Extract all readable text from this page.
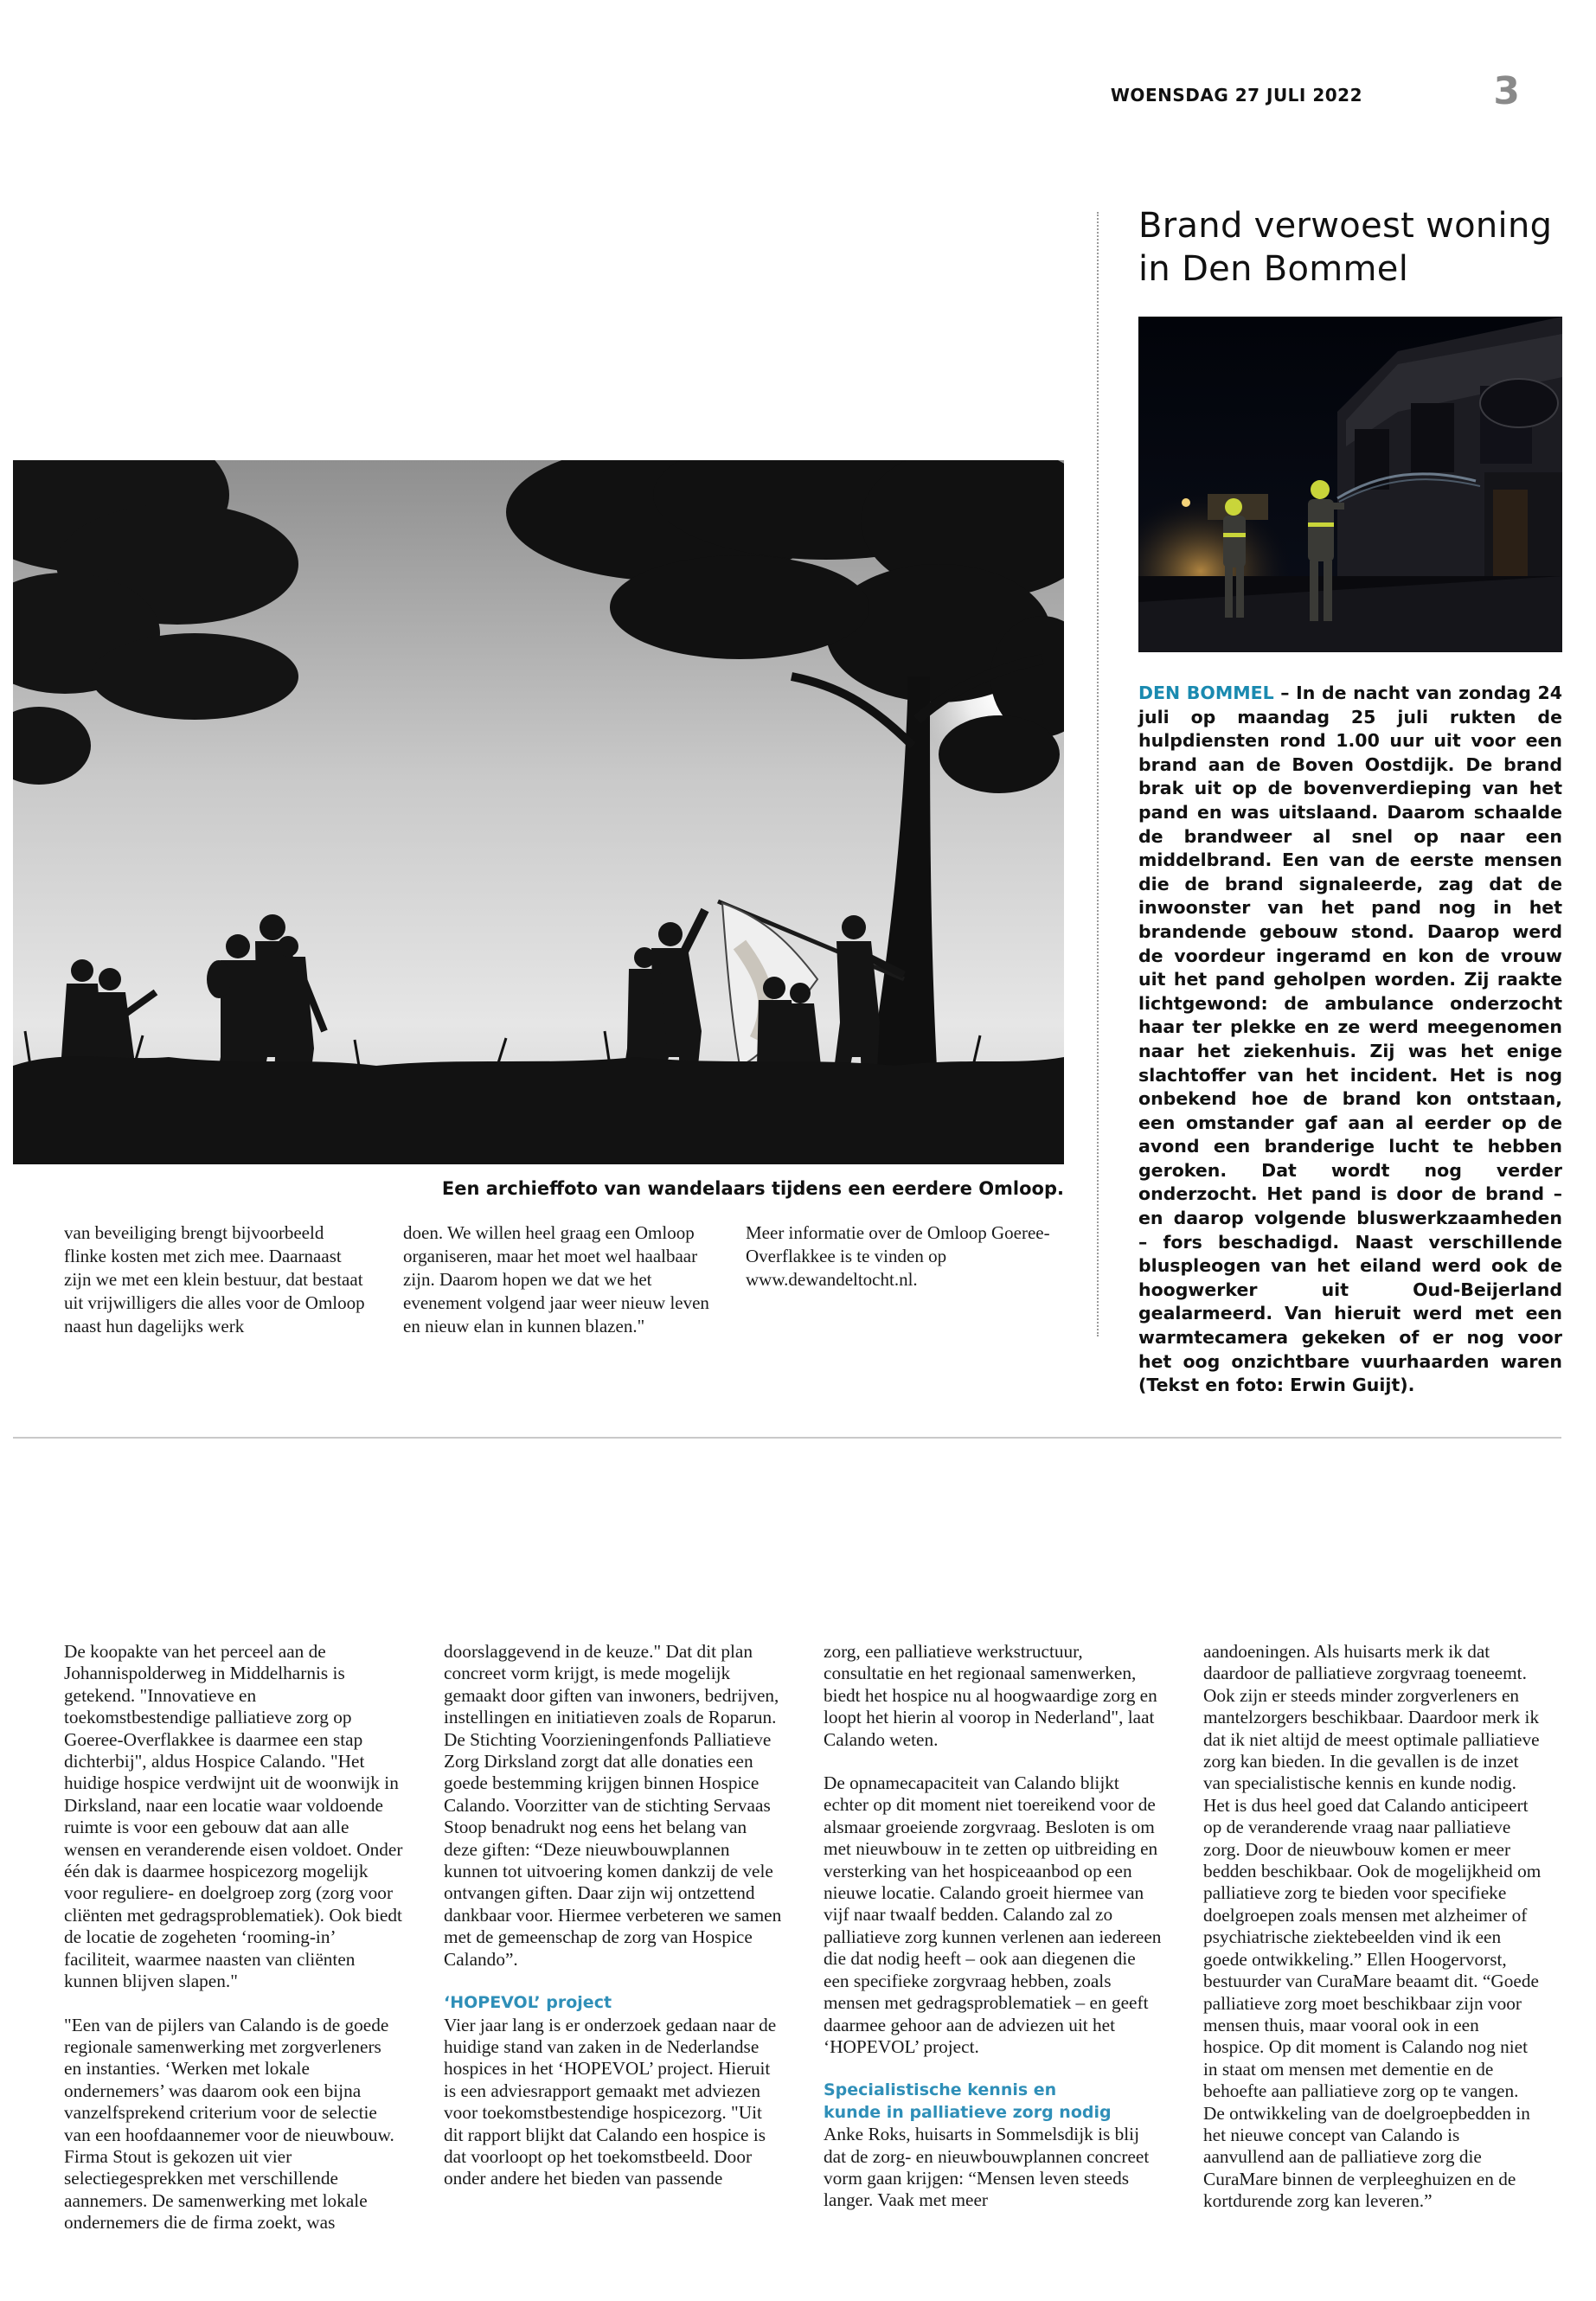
WOENSDAG 27 JULI 2022	3
Brand verwoest woning
in Den Bommel
DEN BOMMEL – In de nacht van zondag 24 juli op maandag 25 juli rukten de hulpdiensten rond 1.00 uur uit voor een brand aan de Boven Oostdijk. De brand brak uit op de bovenverdieping van het pand en was uitslaand. Daarom schaalde de brandweer al snel op naar een middelbrand. Een van de eerste mensen die de brand signaleerde, zag dat de inwoonster van het pand nog in het brandende gebouw stond. Daarop werd de voordeur ingeramd en kon de vrouw uit het pand geholpen worden. Zij raakte lichtgewond: de ambulance onderzocht haar ter plekke en ze werd meegenomen naar het ziekenhuis. Zij was het enige slachtoffer van het incident. Het is nog onbekend hoe de brand kon ontstaan, een omstander gaf aan al eerder op de avond een branderige lucht te hebben geroken. Dat wordt nog verder onderzocht. Het pand is door de brand – en daarop volgende bluswerkzaamheden – fors beschadigd. Naast verschillende bluspleogen van het eiland werd ook de hoogwerker uit Oud-Beijerland gealarmeerd. Van hieruit werd met een warmtecamera gekeken of er nog voor het oog onzichtbare vuurhaarden waren (Tekst en foto: Erwin Guijt).
Een archieffoto van wandelaars tijdens een eerdere Omloop.
van beveiliging brengt bijvoorbeeld flinke kosten met zich mee. Daarnaast zijn we met een klein bestuur, dat bestaat uit vrijwilligers die alles voor de Omloop naast hun dagelijks werk
doen. We willen heel graag een Omloop organiseren, maar het moet wel haalbaar zijn. Daarom hopen we dat we het evenement volgend jaar weer nieuw leven en nieuw elan in kunnen blazen."
Meer informatie over de Omloop Goeree-Overflakkee is te vinden op www.dewandeltocht.nl.

De koopakte van het perceel aan de Johannispolderweg in Middelharnis is getekend. "Innovatieve en toekomstbestendige palliatieve zorg op Goeree-Overflakkee is daarmee een stap dichterbij", aldus Hospice Calando. "Het huidige hospice verdwijnt uit de woonwijk in Dirksland, naar een locatie waar voldoende ruimte is voor een gebouw dat aan alle wensen en veranderende eisen voldoet. Onder één dak is daarmee hospicezorg mogelijk voor reguliere- en doelgroep zorg (zorg voor cliënten met gedragsproblematiek). Ook biedt de locatie de zogeheten ‘rooming-in’ faciliteit, waarmee naasten van cliënten kunnen blijven slapen."

"Een van de pijlers van Calando is de goede regionale samenwerking met zorgverleners en instanties. ‘Werken met lokale ondernemers’ was daarom ook een bijna vanzelfsprekend criterium voor de selectie van een hoofdaannemer voor de nieuwbouw. Firma Stout is gekozen uit vier selectiegesprekken met verschillende aannemers. De samenwerking met lokale ondernemers die de firma zoekt, was

doorslaggevend in de keuze." Dat dit plan concreet vorm krijgt, is mede mogelijk gemaakt door giften van inwoners, bedrijven, instellingen en initiatieven zoals de Roparun. De Stichting Voorzieningenfonds Palliatieve Zorg Dirksland zorgt dat alle donaties een goede bestemming krijgen binnen Hospice Calando. Voorzitter van de stichting Servaas Stoop benadrukt nog eens het belang van deze giften: “Deze nieuwbouwplannen kunnen tot uitvoering komen dankzij de vele ontvangen giften. Daar zijn wij ontzettend dankbaar voor. Hiermee verbeteren we samen met de gemeenschap de zorg van Hospice Calando”.

‘HOPEVOL’ project

Vier jaar lang is er onderzoek gedaan naar de huidige stand van zaken in de Nederlandse hospices in het ‘HOPEVOL’ project. Hieruit is een adviesrapport gemaakt met adviezen voor toekomstbestendige hospicezorg. "Uit dit rapport blijkt dat Calando een hospice is dat voorloopt op het toekomstbeeld. Door onder andere het bieden van passende

zorg, een palliatieve werkstructuur, consultatie en het regionaal samenwerken, biedt het hospice nu al hoogwaardige zorg en loopt het hierin al voorop in Nederland", laat Calando weten.

De opnamecapaciteit van Calando blijkt echter op dit moment niet toereikend voor de alsmaar groeiende zorgvraag. Besloten is om met nieuwbouw in te zetten op uitbreiding en versterking van het hospiceaanbod op een nieuwe locatie. Calando groeit hiermee van vijf naar twaalf bedden. Calando zal zo palliatieve zorg kunnen verlenen aan iedereen die dat nodig heeft – ook aan diegenen die een specifieke zorgvraag hebben, zoals mensen met gedragsproblematiek – en geeft daarmee gehoor aan de adviezen uit het ‘HOPEVOL’ project.

Specialistische kennis en
kunde in palliatieve zorg nodig

Anke Roks, huisarts in Sommelsdijk is blij dat de zorg- en nieuwbouwplannen concreet vorm gaan krijgen: “Mensen leven steeds langer. Vaak met meer

aandoeningen. Als huisarts merk ik dat daardoor de palliatieve zorgvraag toeneemt. Ook zijn er steeds minder zorgverleners en mantelzorgers beschikbaar. Daardoor merk ik dat ik niet altijd de meest optimale palliatieve zorg kan bieden. In die gevallen is de inzet van specialistische kennis en kunde nodig. Het is dus heel goed dat Calando anticipeert op de veranderende vraag naar palliatieve zorg. Door de nieuwbouw komen er meer bedden beschikbaar. Ook de mogelijkheid om palliatieve zorg te bieden voor specifieke doelgroepen zoals mensen met alzheimer of psychiatrische ziektebeelden vind ik een goede ontwikkeling.” Ellen Hoogervorst, bestuurder van CuraMare beaamt dit. “Goede palliatieve zorg moet beschikbaar zijn voor mensen thuis, maar vooral ook in een hospice. Op dit moment is Calando nog niet in staat om mensen met dementie en de behoefte aan palliatieve zorg op te vangen. De ontwikkeling van de doelgroepbedden in het nieuwe concept van Calando is aanvullend aan de palliatieve zorg die CuraMare binnen de verpleeghuizen en de kortdurende zorg kan leveren.”
